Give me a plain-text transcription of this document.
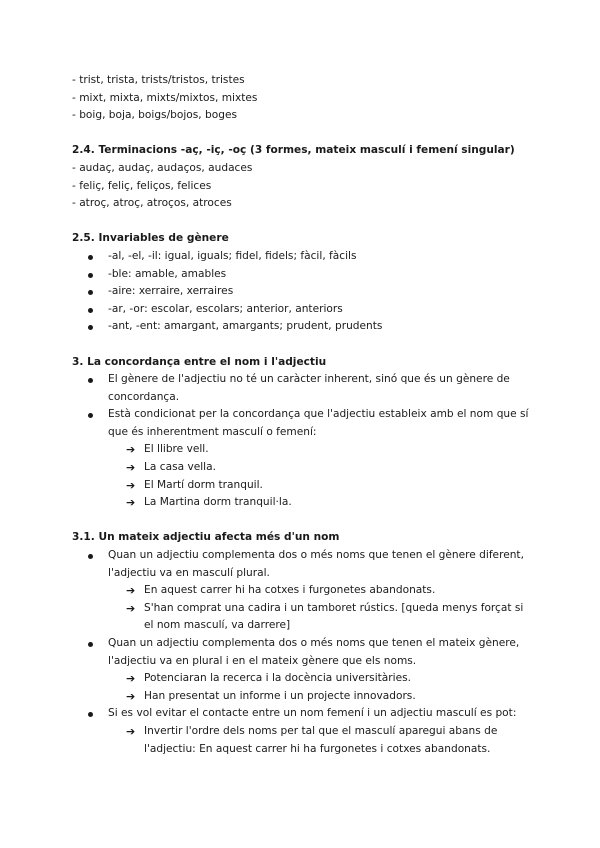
- trist, trista, trists/tristos, tristes
- mixt, mixta, mixts/mixtos, mixtes
- boig, boja, boigs/bojos, boges
2.4. Terminacions -aç, -iç, -oç (3 formes, mateix masculí i femení singular)
- audaç, audaç, audaços, audaces
- feliç, feliç, feliços, felices
- atroç, atroç, atroços, atroces
2.5. Invariables de gènere
-al, -el, -il: igual, iguals; fidel, fidels; fàcil, fàcils
-ble: amable, amables
-aire: xerraire, xerraires
-ar, -or: escolar, escolars; anterior, anteriors
-ant, -ent: amargant, amargants; prudent, prudents
3. La concordança entre el nom i l'adjectiu
El gènere de l'adjectiu no té un caràcter inherent, sinó que és un gènere de
concordança.
Està condicionat per la concordança que l'adjectiu estableix amb el nom que sí
que és inherentment masculí o femení:
➔ El llibre vell.
➔ La casa vella.
➔ El Martí dorm tranquil.
➔ La Martina dorm tranquil·la.
3.1. Un mateix adjectiu afecta més d'un nom
Quan un adjectiu complementa dos o més noms que tenen el gènere diferent,
l'adjectiu va en masculí plural.
➔ En aquest carrer hi ha cotxes i furgonetes abandonats.
➔ S'han comprat una cadira i un tamboret rústics. [queda menys forçat si
el nom masculí, va darrere]
Quan un adjectiu complementa dos o més noms que tenen el mateix gènere,
l'adjectiu va en plural i en el mateix gènere que els noms.
➔ Potenciaran la recerca i la docència universitàries.
➔ Han presentat un informe i un projecte innovadors.
Si es vol evitar el contacte entre un nom femení i un adjectiu masculí es pot:
➔ Invertir l'ordre dels noms per tal que el masculí aparegui abans de
l'adjectiu: En aquest carrer hi ha furgonetes i cotxes abandonats.
